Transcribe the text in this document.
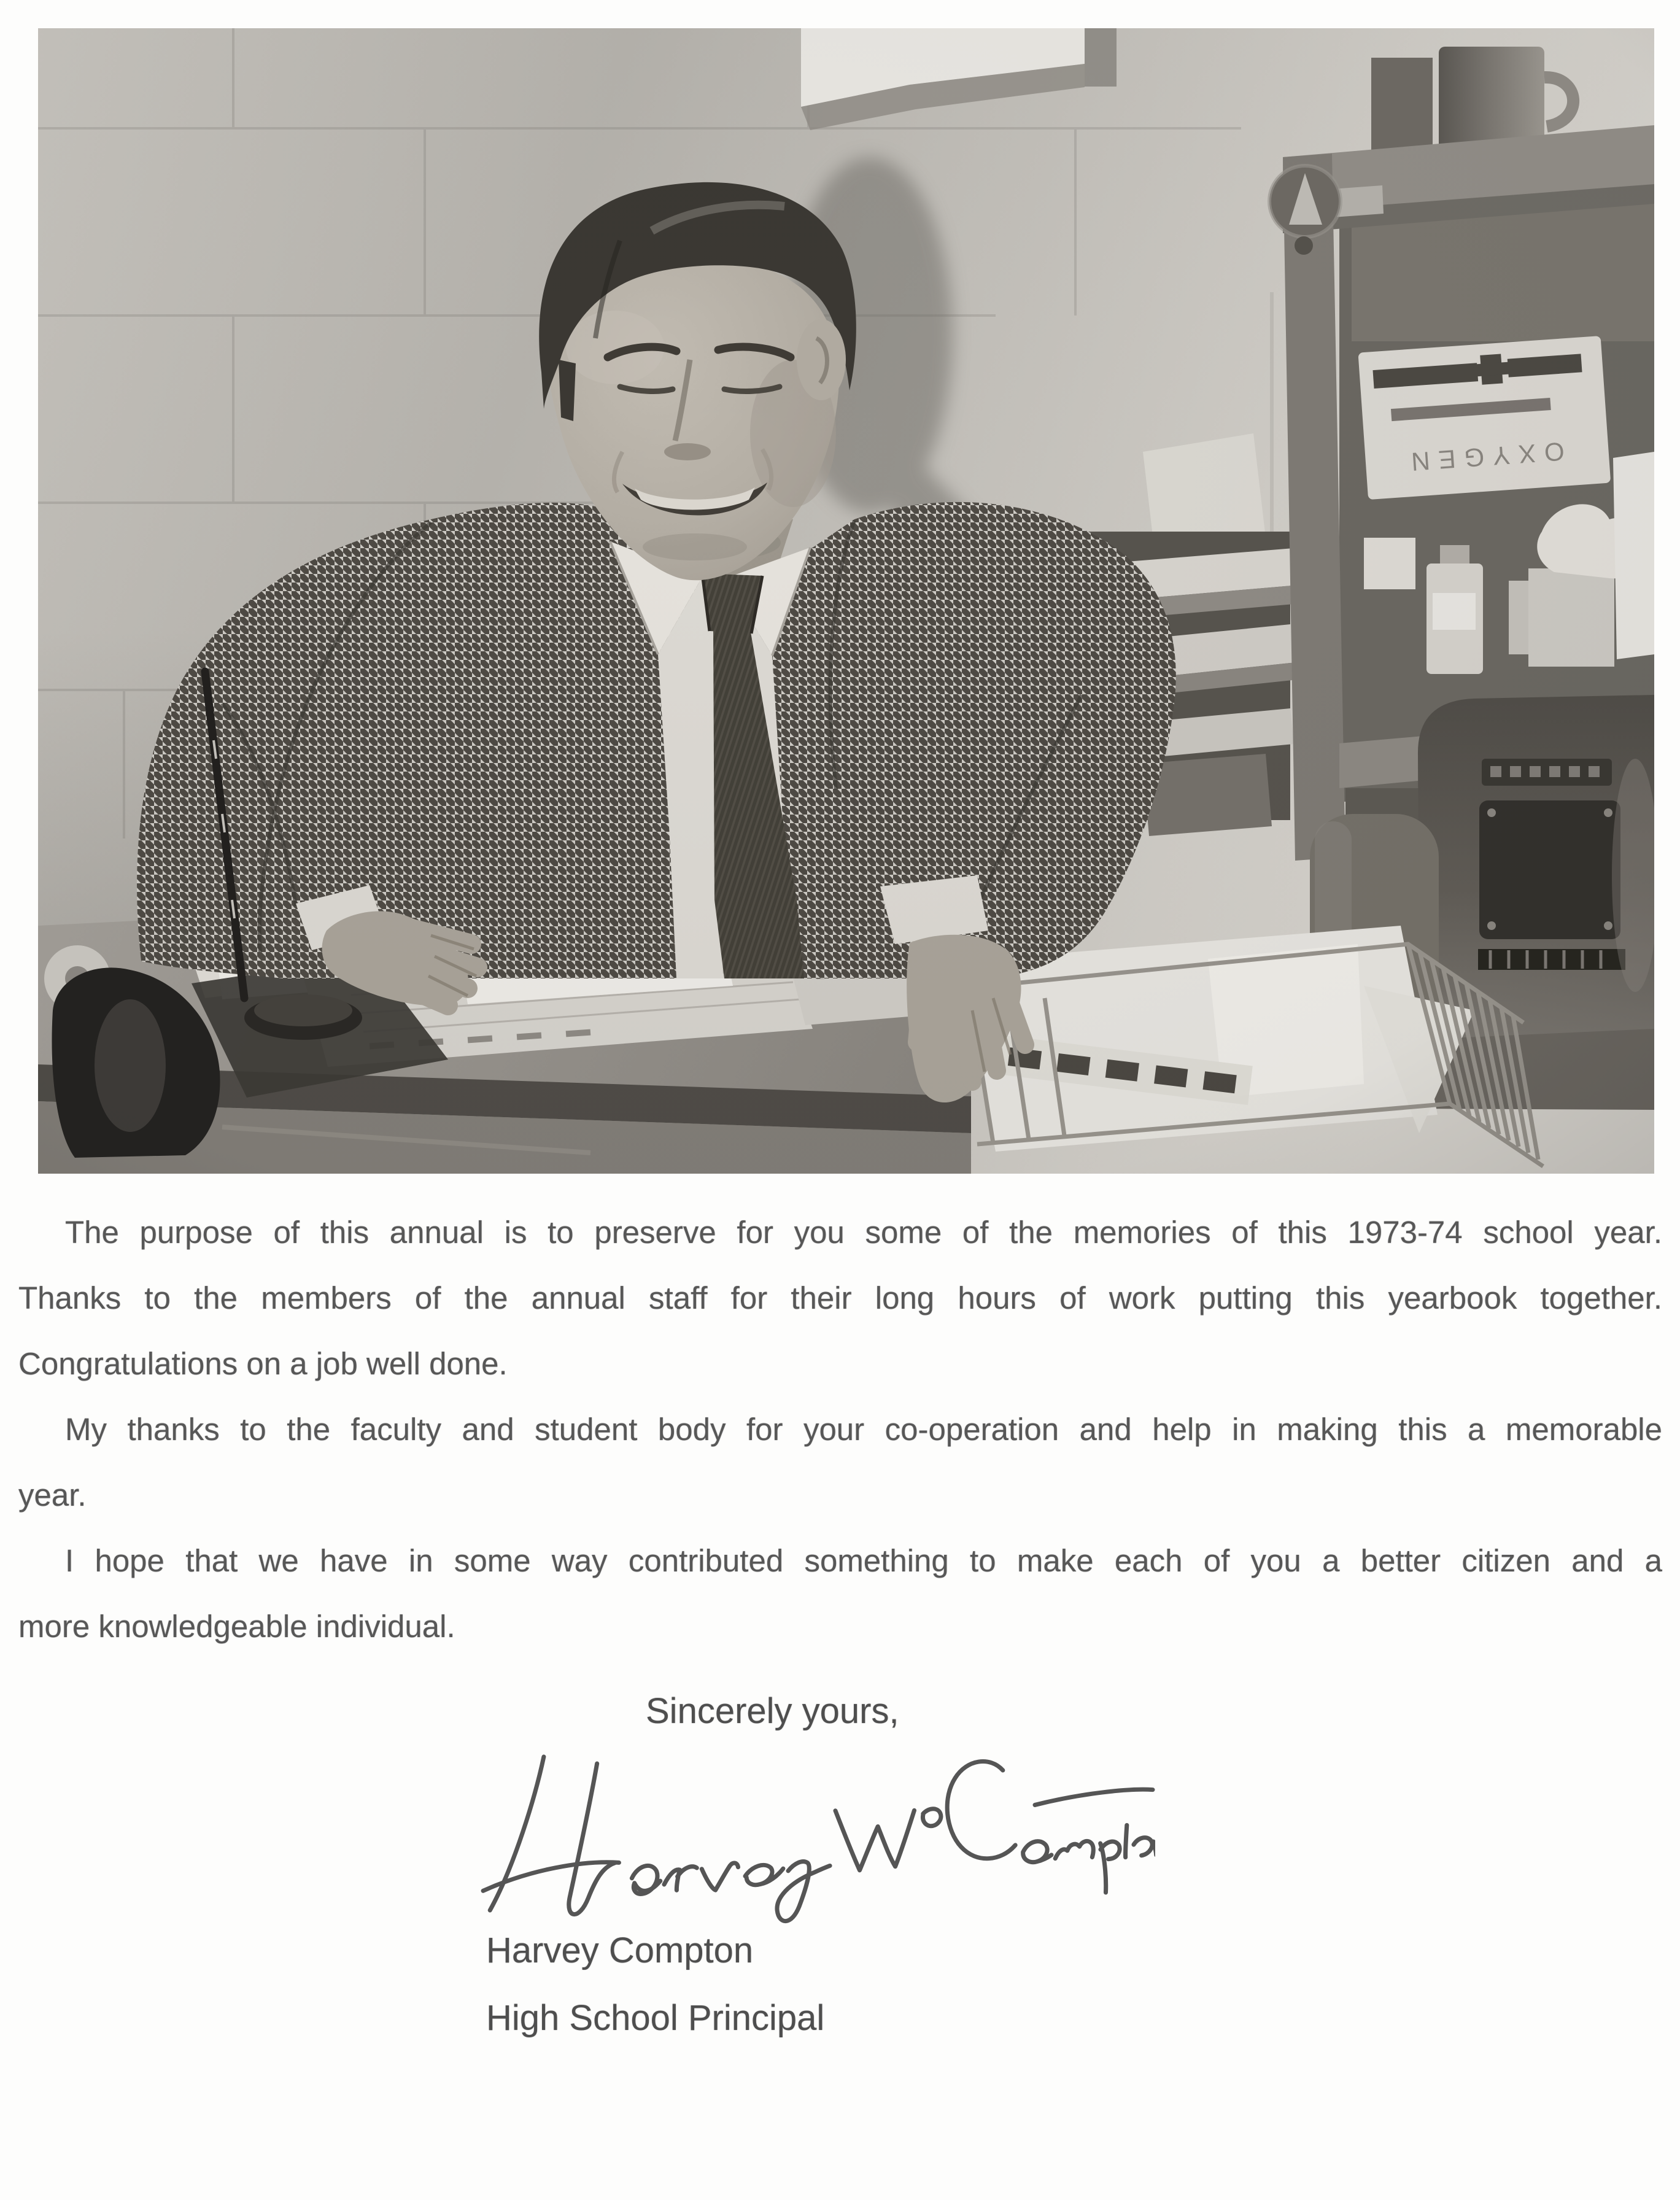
The purpose of this annual is to preserve for you some of the memories of this 1973-74 school year.
Thanks to the members of the annual staff for their long hours of work putting this yearbook together.
Congratulations on a job well done.
My thanks to the faculty and student body for your co-operation and help in making this a memorable
year.
I hope that we have in some way contributed something to make each of you a better citizen and a
more knowledgeable individual.
Sincerely yours,
Harvey Compton
High School Principal
